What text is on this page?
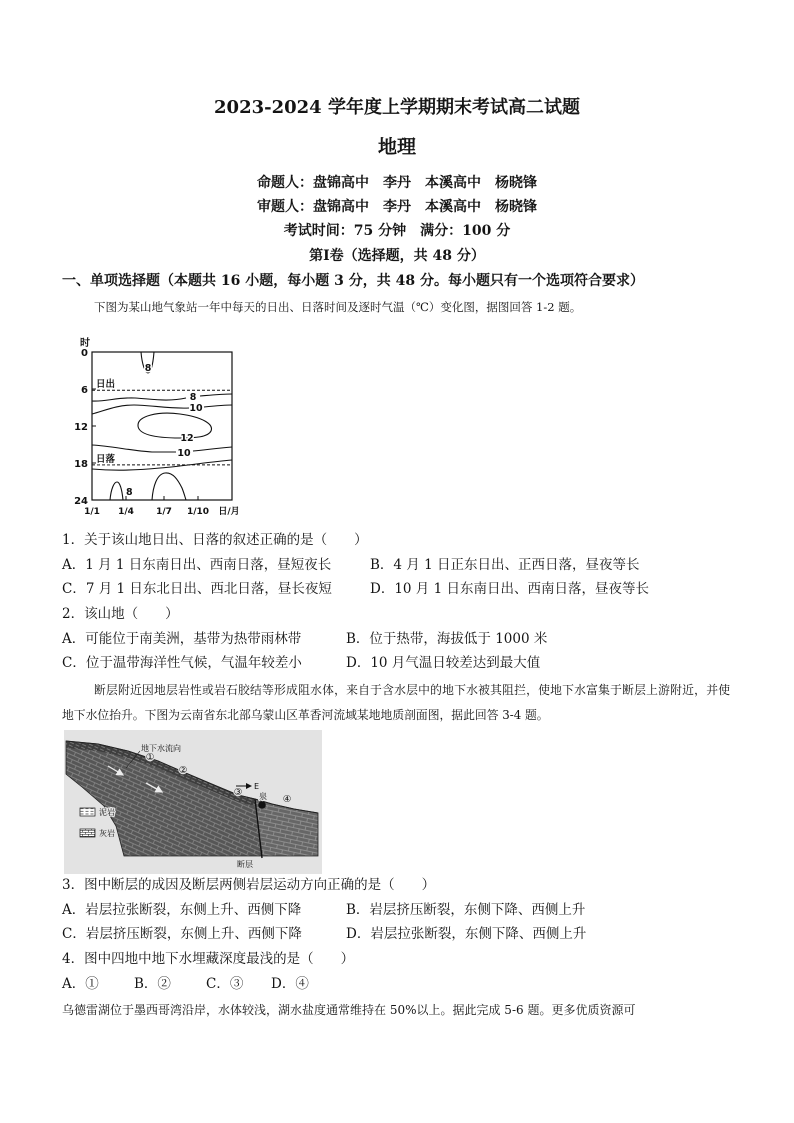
2023-2024 学年度上学期期末考试高二试题
地理
命题人：盘锦高中　李丹　本溪高中　杨晓锋
审题人：盘锦高中　李丹　本溪高中　杨晓锋
考试时间：75 分钟　满分：100 分
第Ⅰ卷（选择题，共 48 分）
一、单项选择题（本题共 16 小题，每小题 3 分，共 48 分。每小题只有一个选项符合要求）
下图为某山地气象站一年中每天的日出、日落时间及逐时气温（℃）变化图，据图回答 1-2 题。
时
0
6
12
18
24
1/1 1/4 1/7 1/10 日/月
日出
日落
8
8
10
12
10
8
1．关于该山地日出、日落的叙述正确的是（　　）
A．1 月 1 日东南日出、西南日落，昼短夜长	B．4 月 1 日正东日出、正西日落，昼夜等长
C．7 月 1 日东北日出、西北日落，昼长夜短	D．10 月 1 日东南日出、西南日落，昼夜等长
2．该山地（　　）
A．可能位于南美洲，基带为热带雨林带	B．位于热带，海拔低于 1000 米
C．位于温带海洋性气候，气温年较差小	D．10 月气温日较差达到最大值
断层附近因地层岩性或岩石胶结等形成阻水体，来自于含水层中的地下水被其阻拦，使地下水富集于断层上游附近，并使地下水位抬升。下图为云南省东北部乌蒙山区革香河流域某地地质剖面图，据此回答 3-4 题。
地下水流向
①
②
③
④
E
泉
泥岩
灰岩
断层
3．图中断层的成因及断层两侧岩层运动方向正确的是（　　）
A．岩层拉张断裂，东侧上升、西侧下降	B．岩层挤压断裂，东侧下降、西侧上升
C．岩层挤压断裂，东侧上升、西侧下降	D．岩层拉张断裂，东侧下降、西侧上升
4．图中四地中地下水埋藏深度最浅的是（　　）
A．①	B．②	C．③ D．④
乌德雷湖位于墨西哥湾沿岸，水体较浅，湖水盐度通常维持在 50%以上。据此完成 5-6 题。更多优质资源可
